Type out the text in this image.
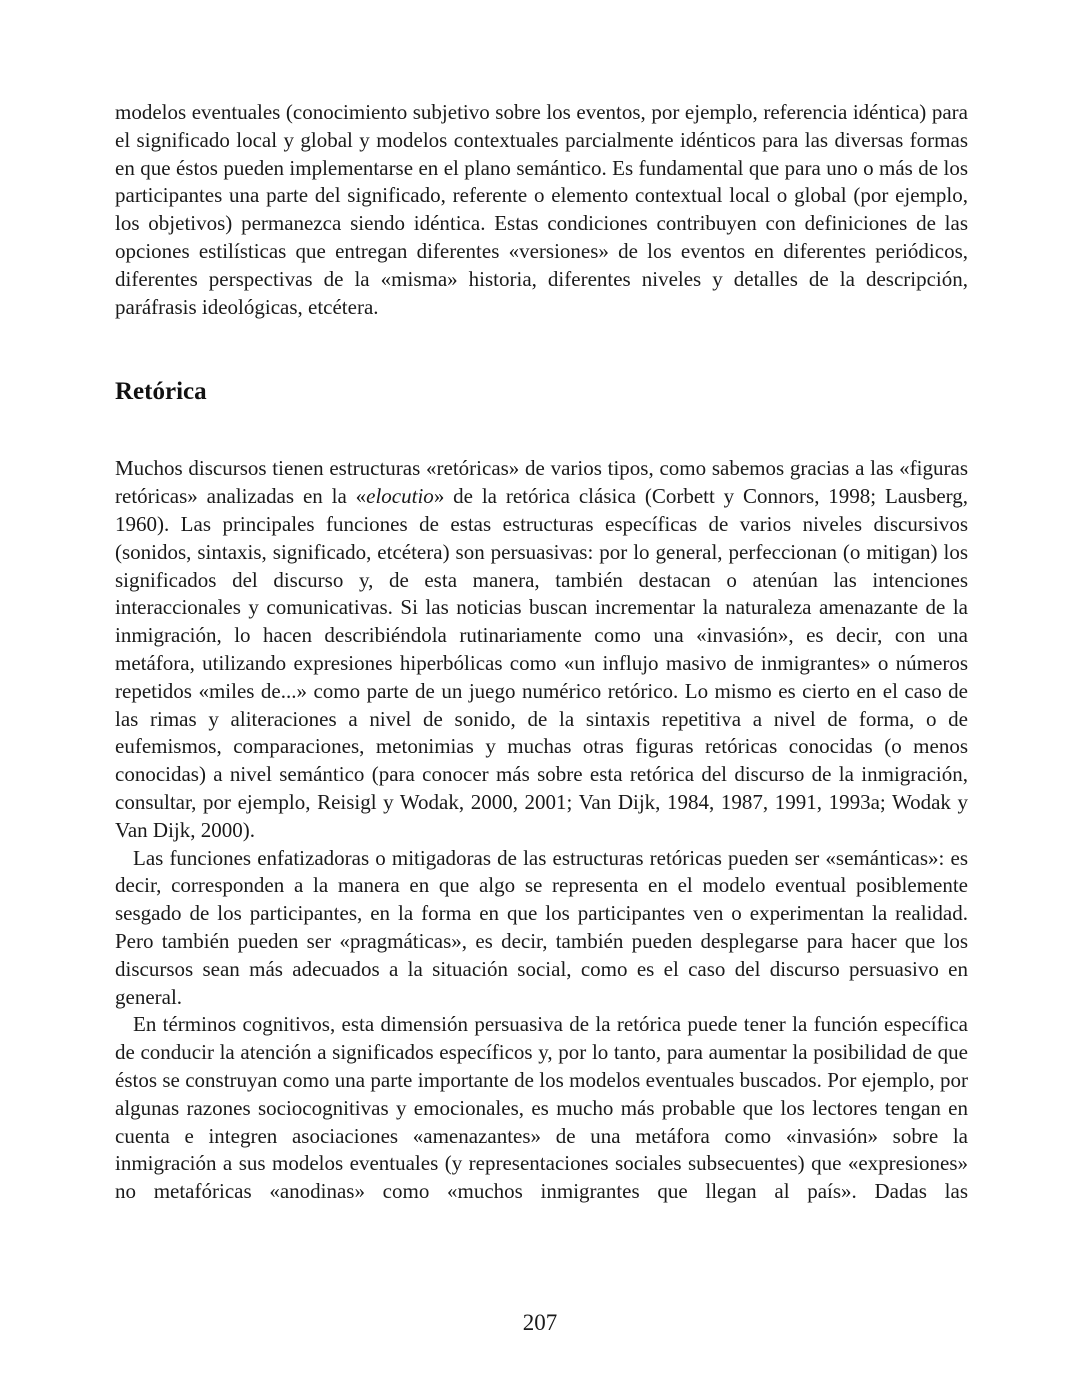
modelos eventuales (conocimiento subjetivo sobre los eventos, por ejemplo, referencia idéntica) para el significado local y global y modelos contextuales parcialmente idénticos para las diversas formas en que éstos pueden implementarse en el plano semántico. Es fundamental que para uno o más de los participantes una parte del significado, referente o elemento contextual local o global (por ejemplo, los objetivos) permanezca siendo idéntica. Estas condiciones contribuyen con definiciones de las opciones estilísticas que entregan diferentes «versiones» de los eventos en diferentes periódicos, diferentes perspectivas de la «misma» historia, diferentes niveles y detalles de la descripción, paráfrasis ideológicas, etcétera.

Retórica

Muchos discursos tienen estructuras «retóricas» de varios tipos, como sabemos gracias a las «figuras retóricas» analizadas en la «elocutio» de la retórica clásica (Corbett y Connors, 1998; Lausberg, 1960). Las principales funciones de estas estructuras específicas de varios niveles discursivos (sonidos, sintaxis, significado, etcétera) son persuasivas: por lo general, perfeccionan (o mitigan) los significados del discurso y, de esta manera, también destacan o atenúan las intenciones interaccionales y comunicativas. Si las noticias buscan incrementar la naturaleza amenazante de la inmigración, lo hacen describiéndola rutinariamente como una «invasión», es decir, con una metáfora, utilizando expresiones hiperbólicas como «un influjo masivo de inmigrantes» o números repetidos «miles de...» como parte de un juego numérico retórico. Lo mismo es cierto en el caso de las rimas y aliteraciones a nivel de sonido, de la sintaxis repetitiva a nivel de forma, o de eufemismos, comparaciones, metonimias y muchas otras figuras retóricas conocidas (o menos conocidas) a nivel semántico (para conocer más sobre esta retórica del discurso de la inmigración, consultar, por ejemplo, Reisigl y Wodak, 2000, 2001; Van Dijk, 1984, 1987, 1991, 1993a; Wodak y Van Dijk, 2000).

Las funciones enfatizadoras o mitigadoras de las estructuras retóricas pueden ser «semánticas»: es decir, corresponden a la manera en que algo se representa en el modelo eventual posiblemente sesgado de los participantes, en la forma en que los participantes ven o experimentan la realidad. Pero también pueden ser «pragmáticas», es decir, también pueden desplegarse para hacer que los discursos sean más adecuados a la situación social, como es el caso del discurso persuasivo en general.

En términos cognitivos, esta dimensión persuasiva de la retórica puede tener la función específica de conducir la atención a significados específicos y, por lo tanto, para aumentar la posibilidad de que éstos se construyan como una parte importante de los modelos eventuales buscados. Por ejemplo, por algunas razones sociocognitivas y emocionales, es mucho más probable que los lectores tengan en cuenta e integren asociaciones «amenazantes» de una metáfora como «invasión» sobre la inmigración a sus modelos eventuales (y representaciones sociales subsecuentes) que «expresiones» no metafóricas «anodinas» como «muchos inmigrantes que llegan al país». Dadas las

207
